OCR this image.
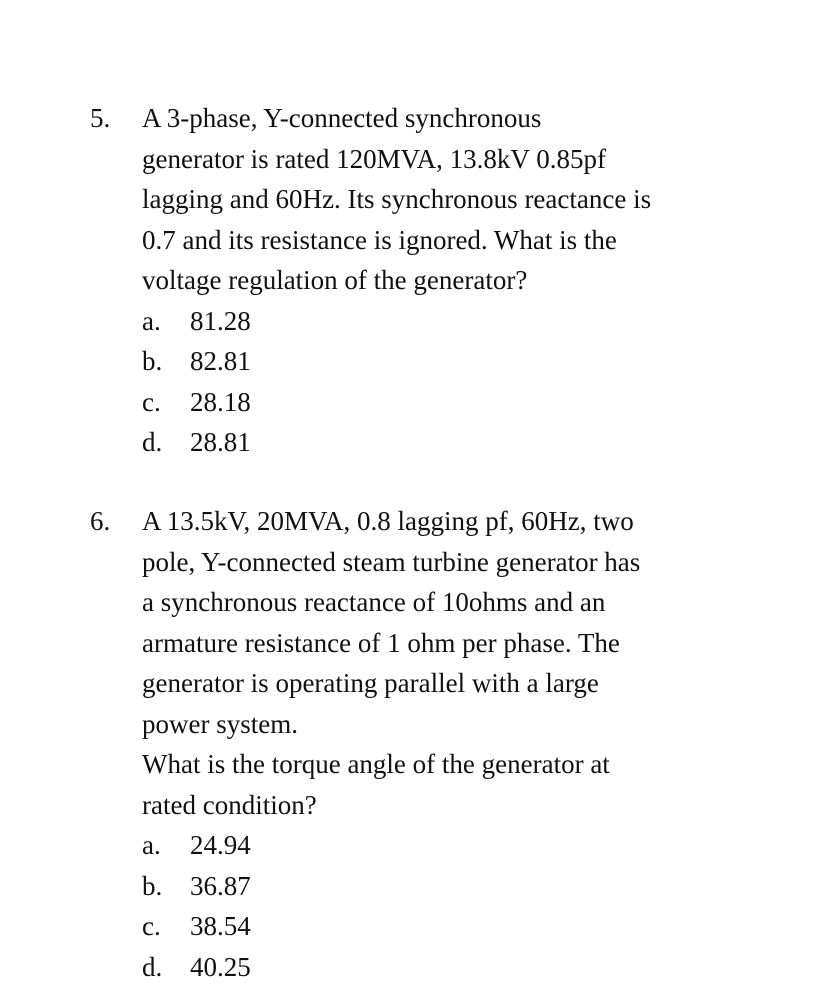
5. A 3-phase, Y-connected synchronous
generator is rated 120MVA, 13.8kV 0.85pf
lagging and 60Hz. Its synchronous reactance is
0.7 and its resistance is ignored. What is the
voltage regulation of the generator?
a. 81.28
b. 82.81
c. 28.18
d. 28.81
6. A 13.5kV, 20MVA, 0.8 lagging pf, 60Hz, two
pole, Y-connected steam turbine generator has
a synchronous reactance of 10ohms and an
armature resistance of 1 ohm per phase. The
generator is operating parallel with a large
power system.
What is the torque angle of the generator at
rated condition?
a. 24.94
b. 36.87
c. 38.54
d. 40.25
